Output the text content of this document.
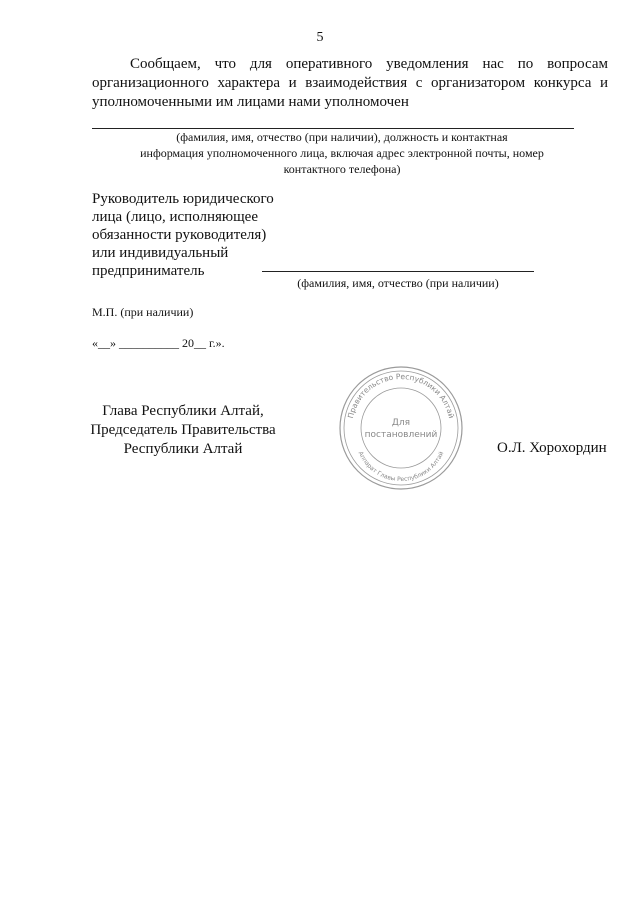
5
Сообщаем, что для оперативного уведомления нас по вопросам
организационного характера и взаимодействия с организатором конкурса и
уполномоченными им лицами нами уполномочен
(фамилия, имя, отчество (при наличии), должность и контактная
информация уполномоченного лица, включая адрес электронной почты, номер
контактного телефона)
Руководитель юридического
лица (лицо, исполняющее
обязанности руководителя)
или индивидуальный
предприниматель
(фамилия, имя, отчество (при наличии)
М.П. (при наличии)
«__» __________ 20__ г.».
Глава Республики Алтай,
Председатель Правительства
Республики Алтай
Правительство Республики Алтай
Аппарат Главы Республики Алтай
Для
постановлений
О.Л. Хорохордин
